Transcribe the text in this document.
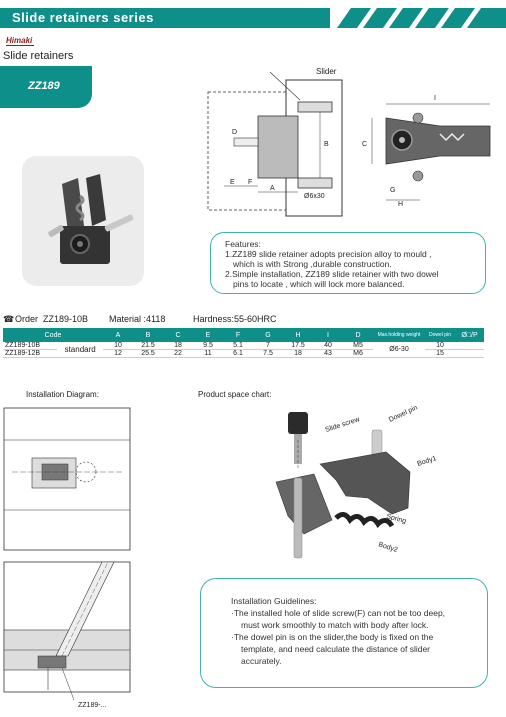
Slide retainers series
Himaki
Slide retainers
ZZ189
Slider
D
B
E F
A
Ø6x30
I
C
G
H
Features:
1.ZZ189 slide retainer adopts precision alloy to mould ,
which is with Strong ,durable construction.
2.Simple installation, ZZ189 slide retainer with two dowel
pins to locate , which will lock more balanced.
☎ Order ZZ189-10B Material :4118	Hardness:55-60HRC
Code		A	B	C	E	F	G	H	I	D	Max.holding weight	Dowel pin	Ø□/P
ZZ189-10B	standard	10	21.5	18	9.5	5.1	7	17.5	40	M5	Ø6-30	10	
ZZ189-12B		12	25.5	22	11	6.1	7.5	18	43	M6		15	
Installation Diagram:
ZZ189-...
Product space chart:
Slide screw
Dowel pin
Body1
Spring
Body2
Installation Guidelines:
·The installed hole of slide screw(F) can not be too deep,
must work smoothly to match with body after lock.
·The dowel pin is on the slider,the body is fixed on the
template, and need calculate the distance of slider
accurately.
